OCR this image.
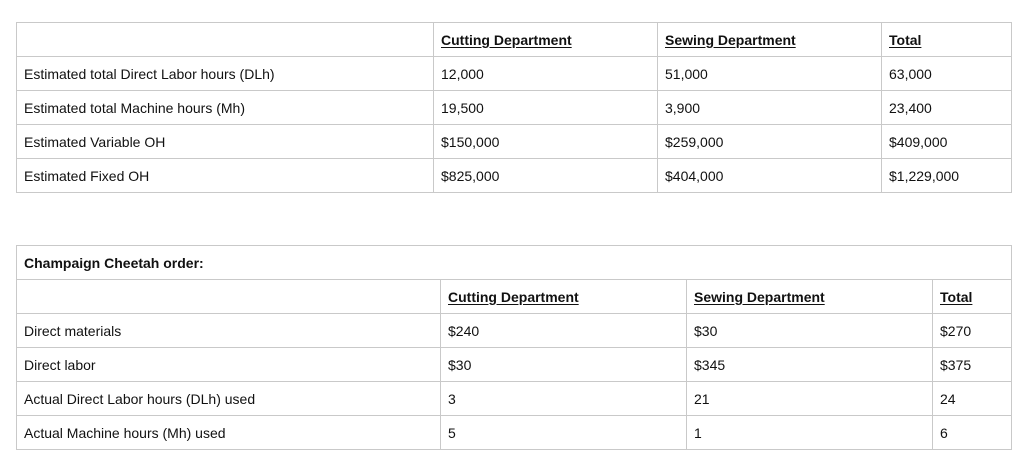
	Cutting Department	Sewing Department	Total
Estimated total Direct Labor hours (DLh)	12,000	51,000	63,000
Estimated total Machine hours (Mh)	19,500	3,900	23,400
Estimated Variable OH	$150,000	$259,000	$409,000
Estimated Fixed OH	$825,000	$404,000	$1,229,000
Champaign Cheetah order:			
	Cutting Department	Sewing Department	Total
Direct materials	$240	$30	$270
Direct labor	$30	$345	$375
Actual Direct Labor hours (DLh) used	3	21	24
Actual Machine hours (Mh) used	5	1	6
